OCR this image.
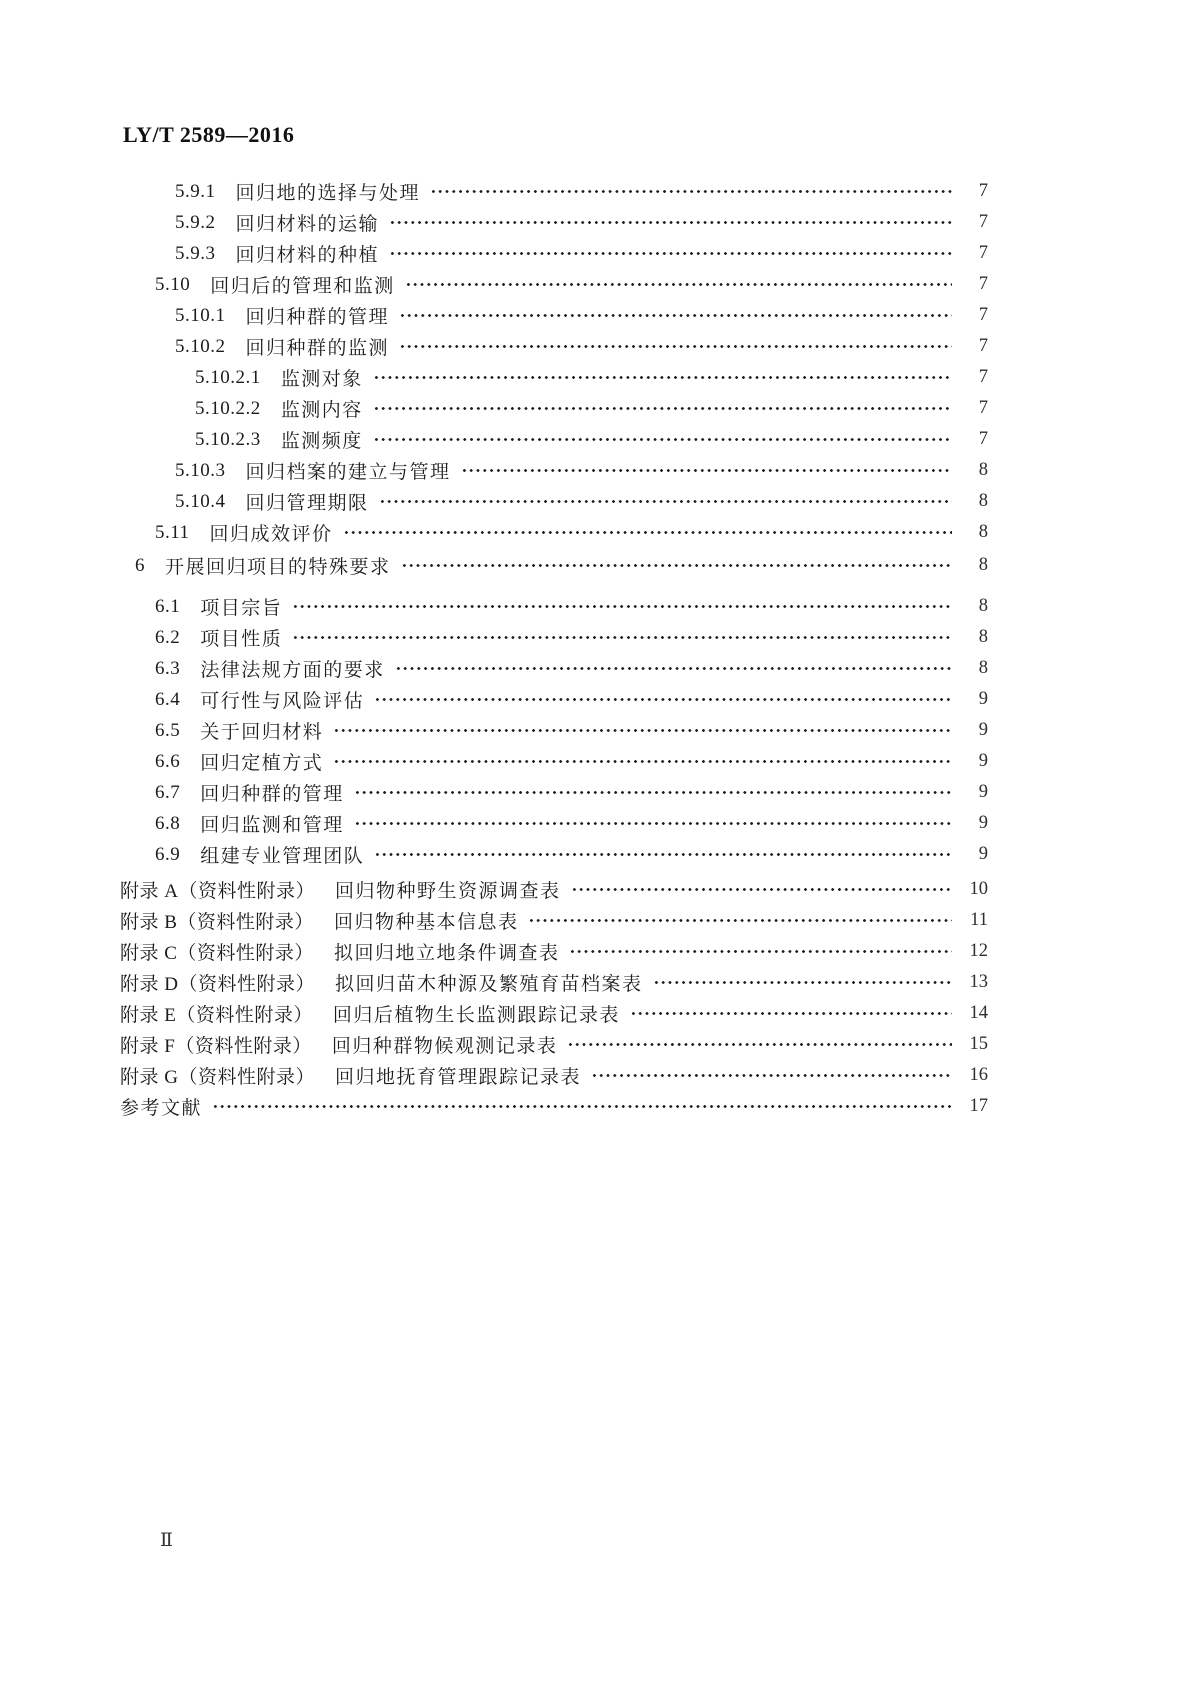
LY/T 2589—2016
5.9.1 回归地的选择与处理	7
5.9.2 回归材料的运输	7
5.9.3 回归材料的种植	7
5.10 回归后的管理和监测	7
5.10.1 回归种群的管理	7
5.10.2 回归种群的监测	7
5.10.2.1 监测对象	7
5.10.2.2 监测内容	7
5.10.2.3 监测频度	7
5.10.3 回归档案的建立与管理	8
5.10.4 回归管理期限	8
5.11 回归成效评价	8
6 开展回归项目的特殊要求	8
6.1 项目宗旨	8
6.2 项目性质	8
6.3 法律法规方面的要求	8
6.4 可行性与风险评估	9
6.5 关于回归材料	9
6.6 回归定植方式	9
6.7 回归种群的管理	9
6.8 回归监测和管理	9
6.9 组建专业管理团队	9
附录 A（资料性附录） 回归物种野生资源调查表	10
附录 B（资料性附录） 回归物种基本信息表	11
附录 C（资料性附录） 拟回归地立地条件调查表	12
附录 D（资料性附录） 拟回归苗木种源及繁殖育苗档案表	13
附录 E（资料性附录） 回归后植物生长监测跟踪记录表	14
附录 F（资料性附录） 回归种群物候观测记录表	15
附录 G（资料性附录） 回归地抚育管理跟踪记录表	16
参考文献	17
Ⅱ
